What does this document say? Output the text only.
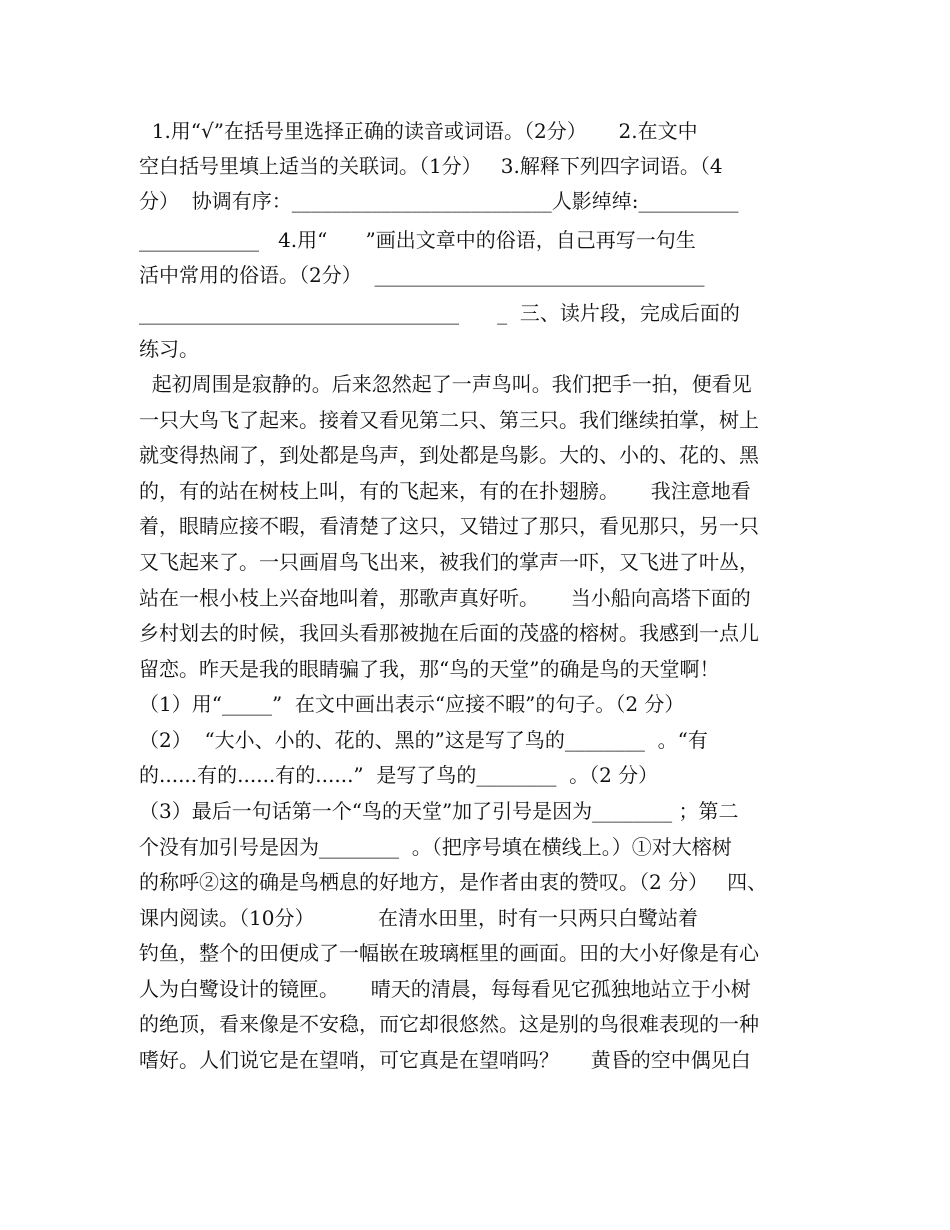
1.用“√”在括号里选择正确的读音或词语。（2分）     2.在文中
空白括号里填上适当的关联词。（1分）   3.解释下列四字词语。（4
分）  协调有序：__________________________人影绰绰:__________
____________   4.用“      ”画出文章中的俗语，自己再写一句生
活中常用的俗语。（2分）  _________________________________
________________________________      _  三、读片段，完成后面的
练习。
起初周围是寂静的。后来忽然起了一声鸟叫。我们把手一拍，便看见
一只大鸟飞了起来。接着又看见第二只、第三只。我们继续拍掌，树上
就变得热闹了，到处都是鸟声，到处都是鸟影。大的、小的、花的、黑
的，有的站在树枝上叫，有的飞起来，有的在扑翅膀。     我注意地看
着，眼睛应接不暇，看清楚了这只，又错过了那只，看见那只，另一只
又飞起来了。一只画眉鸟飞出来，被我们的掌声一吓，又飞进了叶丛，
站在一根小枝上兴奋地叫着，那歌声真好听。     当小船向高塔下面的
乡村划去的时候，我回头看那被抛在后面的茂盛的榕树。我感到一点儿
留恋。昨天是我的眼睛骗了我，那“鸟的天堂”的确是鸟的天堂啊！
（1）用“_____”  在文中画出表示“应接不暇”的句子。（2 分）
（2）  “大小、小的、花的、黑的”这是写了鸟的________  。“有
的......有的......有的......”  是写了鸟的________  。（2 分）
（3）最后一句话第一个“鸟的天堂”加了引号是因为________ ；第二
个没有加引号是因为________  。（把序号填在横线上。）①对大榕树
的称呼②这的确是鸟栖息的好地方，是作者由衷的赞叹。（2 分）   四、
课内阅读。（10分）          在清水田里，时有一只两只白鹭站着
钓鱼，整个的田便成了一幅嵌在玻璃框里的画面。田的大小好像是有心
人为白鹭设计的镜匣。     晴天的清晨，每每看见它孤独地站立于小树
的绝顶，看来像是不安稳，而它却很悠然。这是别的鸟很难表现的一种
嗜好。人们说它是在望哨，可它真是在望哨吗？     黄昏的空中偶见白
